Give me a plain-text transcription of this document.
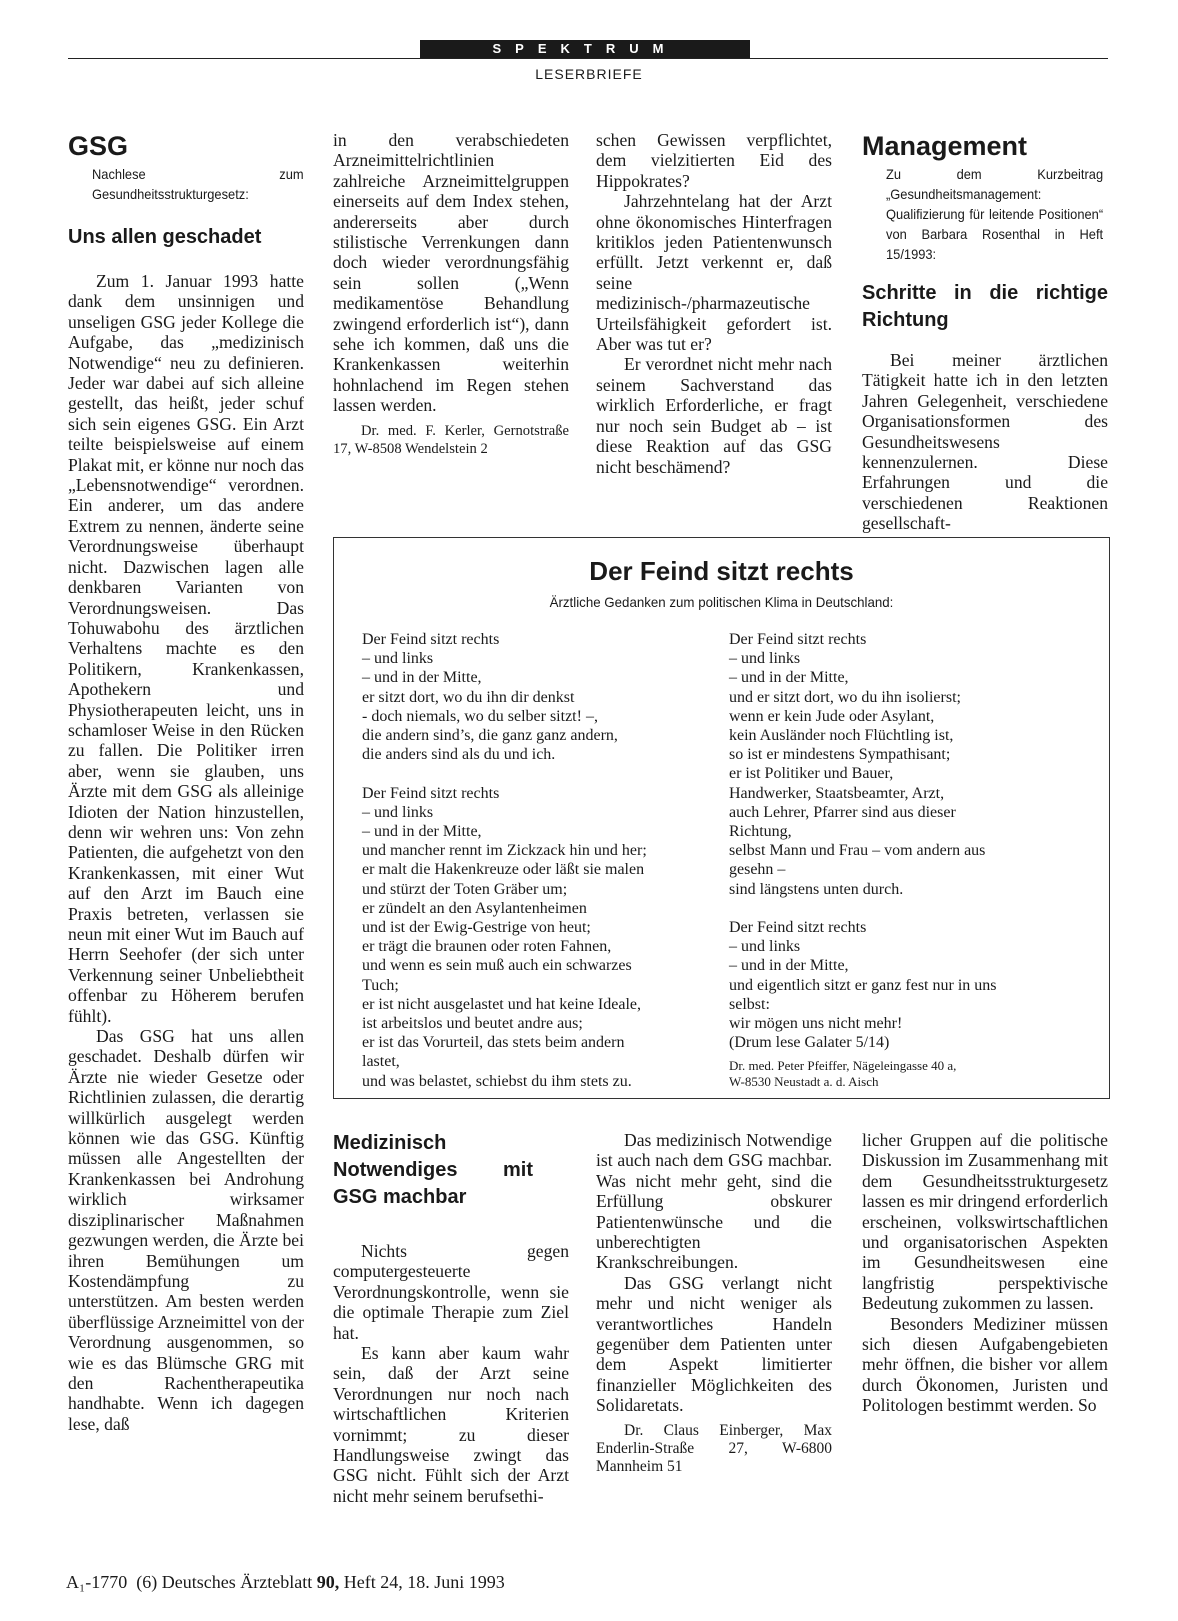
SPEKTRUM
LESERBRIEFE
GSG
Nachlese zum Gesundheitsstrukturgesetz:
Uns allen geschadet

Zum 1. Januar 1993 hatte dank dem unsinnigen und unseligen GSG jeder Kollege die Aufgabe, das „medizinisch Notwendige“ neu zu definieren. Jeder war dabei auf sich alleine gestellt, das heißt, jeder schuf sich sein eigenes GSG. Ein Arzt teilte beispielsweise auf einem Plakat mit, er könne nur noch das „Lebensnotwendige“ verordnen. Ein anderer, um das andere Extrem zu nennen, änderte seine Verordnungsweise überhaupt nicht. Dazwischen lagen alle denkbaren Varianten von Verordnungsweisen. Das Tohuwabohu des ärztlichen Verhaltens machte es den Politikern, Krankenkassen, Apothekern und Physiotherapeuten leicht, uns in schamloser Weise in den Rücken zu fallen. Die Politiker irren aber, wenn sie glauben, uns Ärzte mit dem GSG als alleinige Idioten der Nation hinzustellen, denn wir wehren uns: Von zehn Patienten, die aufgehetzt von den Krankenkassen, mit einer Wut auf den Arzt im Bauch eine Praxis betreten, verlassen sie neun mit einer Wut im Bauch auf Herrn Seehofer (der sich unter Verkennung seiner Unbeliebtheit offenbar zu Höherem berufen fühlt).

Das GSG hat uns allen geschadet. Deshalb dürfen wir Ärzte nie wieder Gesetze oder Richtlinien zulassen, die derartig willkürlich ausgelegt werden können wie das GSG. Künftig müssen alle Angestellten der Krankenkassen bei Androhung wirklich wirksamer disziplinarischer Maßnahmen gezwungen werden, die Ärzte bei ihren Bemühungen um Kostendämpfung zu unterstützen. Am besten werden überflüssige Arzneimittel von der Verordnung ausgenommen, so wie es das Blümsche GRG mit den Rachentherapeutika handhabte. Wenn ich dagegen lese, daß

in den verabschiedeten Arzneimittelrichtlinien zahlreiche Arzneimittelgruppen einerseits auf dem Index stehen, andererseits aber durch stilistische Verrenkungen dann doch wieder verordnungsfähig sein sollen („Wenn medikamentöse Behandlung zwingend erforderlich ist“), dann sehe ich kommen, daß uns die Krankenkassen weiterhin hohnlachend im Regen stehen lassen werden.

Dr. med. F. Kerler, Gernotstraße 17, W-8508 Wendelstein 2

schen Gewissen verpflichtet, dem vielzitierten Eid des Hippokrates?

Jahrzehntelang hat der Arzt ohne ökonomisches Hinterfragen kritiklos jeden Patientenwunsch erfüllt. Jetzt verkennt er, daß seine medizinisch-/pharmazeutische Urteilsfähigkeit gefordert ist. Aber was tut er?

Er verordnet nicht mehr nach seinem Sachverstand das wirklich Erforderliche, er fragt nur noch sein Budget ab – ist diese Reaktion auf das GSG nicht beschämend?

Management
Zu dem Kurzbeitrag „Gesundheitsmanagement: Qualifizierung für leitende Positionen“ von Barbara Rosenthal in Heft 15/1993:
Schritte in die richtige Richtung

Bei meiner ärztlichen Tätigkeit hatte ich in den letzten Jahren Gelegenheit, verschiedene Organisationsformen des Gesundheitswesens kennenzulernen. Diese Erfahrungen und die verschiedenen Reaktionen gesellschaft-

Der Feind sitzt rechts
Ärztliche Gedanken zum politischen Klima in Deutschland:
Der Feind sitzt rechts
– und links
– und in der Mitte,
er sitzt dort, wo du ihn dir denkst
- doch niemals, wo du selber sitzt! –,
die andern sind’s, die ganz ganz andern,
die anders sind als du und ich.
Der Feind sitzt rechts
– und links
– und in der Mitte,
und mancher rennt im Zickzack hin und her;
er malt die Hakenkreuze oder läßt sie malen
und stürzt der Toten Gräber um;
er zündelt an den Asylantenheimen
und ist der Ewig-Gestrige von heut;
er trägt die braunen oder roten Fahnen,
und wenn es sein muß auch ein schwarzes
Tuch;
er ist nicht ausgelastet und hat keine Ideale,
ist arbeitslos und beutet andre aus;
er ist das Vorurteil, das stets beim andern
lastet,
und was belastet, schiebst du ihm stets zu.
Der Feind sitzt rechts
– und links
– und in der Mitte,
und er sitzt dort, wo du ihn isolierst;
wenn er kein Jude oder Asylant,
kein Ausländer noch Flüchtling ist,
so ist er mindestens Sympathisant;
er ist Politiker und Bauer,
Handwerker, Staatsbeamter, Arzt,
auch Lehrer, Pfarrer sind aus dieser
Richtung,
selbst Mann und Frau – vom andern aus
gesehn –
sind längstens unten durch.
Der Feind sitzt rechts
– und links
– und in der Mitte,
und eigentlich sitzt er ganz fest nur in uns
selbst:
wir mögen uns nicht mehr!
(Drum lese Galater 5/14)
Dr. med. Peter Pfeiffer, Nägeleingasse 40 a,
W-8530 Neustadt a. d. Aisch
Medizinisch Notwendiges mit GSG machbar

Nichts gegen computergesteuerte Verordnungskontrolle, wenn sie die optimale Therapie zum Ziel hat.

Es kann aber kaum wahr sein, daß der Arzt seine Verordnungen nur noch nach wirtschaftlichen Kriterien vornimmt; zu dieser Handlungsweise zwingt das GSG nicht. Fühlt sich der Arzt nicht mehr seinem berufsethi-

Das medizinisch Notwendige ist auch nach dem GSG machbar. Was nicht mehr geht, sind die Erfüllung obskurer Patientenwünsche und die unberechtigten Krankschreibungen.

Das GSG verlangt nicht mehr und nicht weniger als verantwortliches Handeln gegenüber dem Patienten unter dem Aspekt limitierter finanzieller Möglichkeiten des Solidaretats.

Dr. Claus Einberger, Max Enderlin-Straße 27, W-6800 Mannheim 51

licher Gruppen auf die politische Diskussion im Zusammenhang mit dem Gesundheitsstrukturgesetz lassen es mir dringend erforderlich erscheinen, volkswirtschaftlichen und organisatorischen Aspekten im Gesundheitswesen eine langfristig perspektivische Bedeutung zukommen zu lassen.

Besonders Mediziner müssen sich diesen Aufgabengebieten mehr öffnen, die bisher vor allem durch Ökonomen, Juristen und Politologen bestimmt werden. So

A₁-1770 (6) Deutsches Ärzteblatt 90, Heft 24, 18. Juni 1993
